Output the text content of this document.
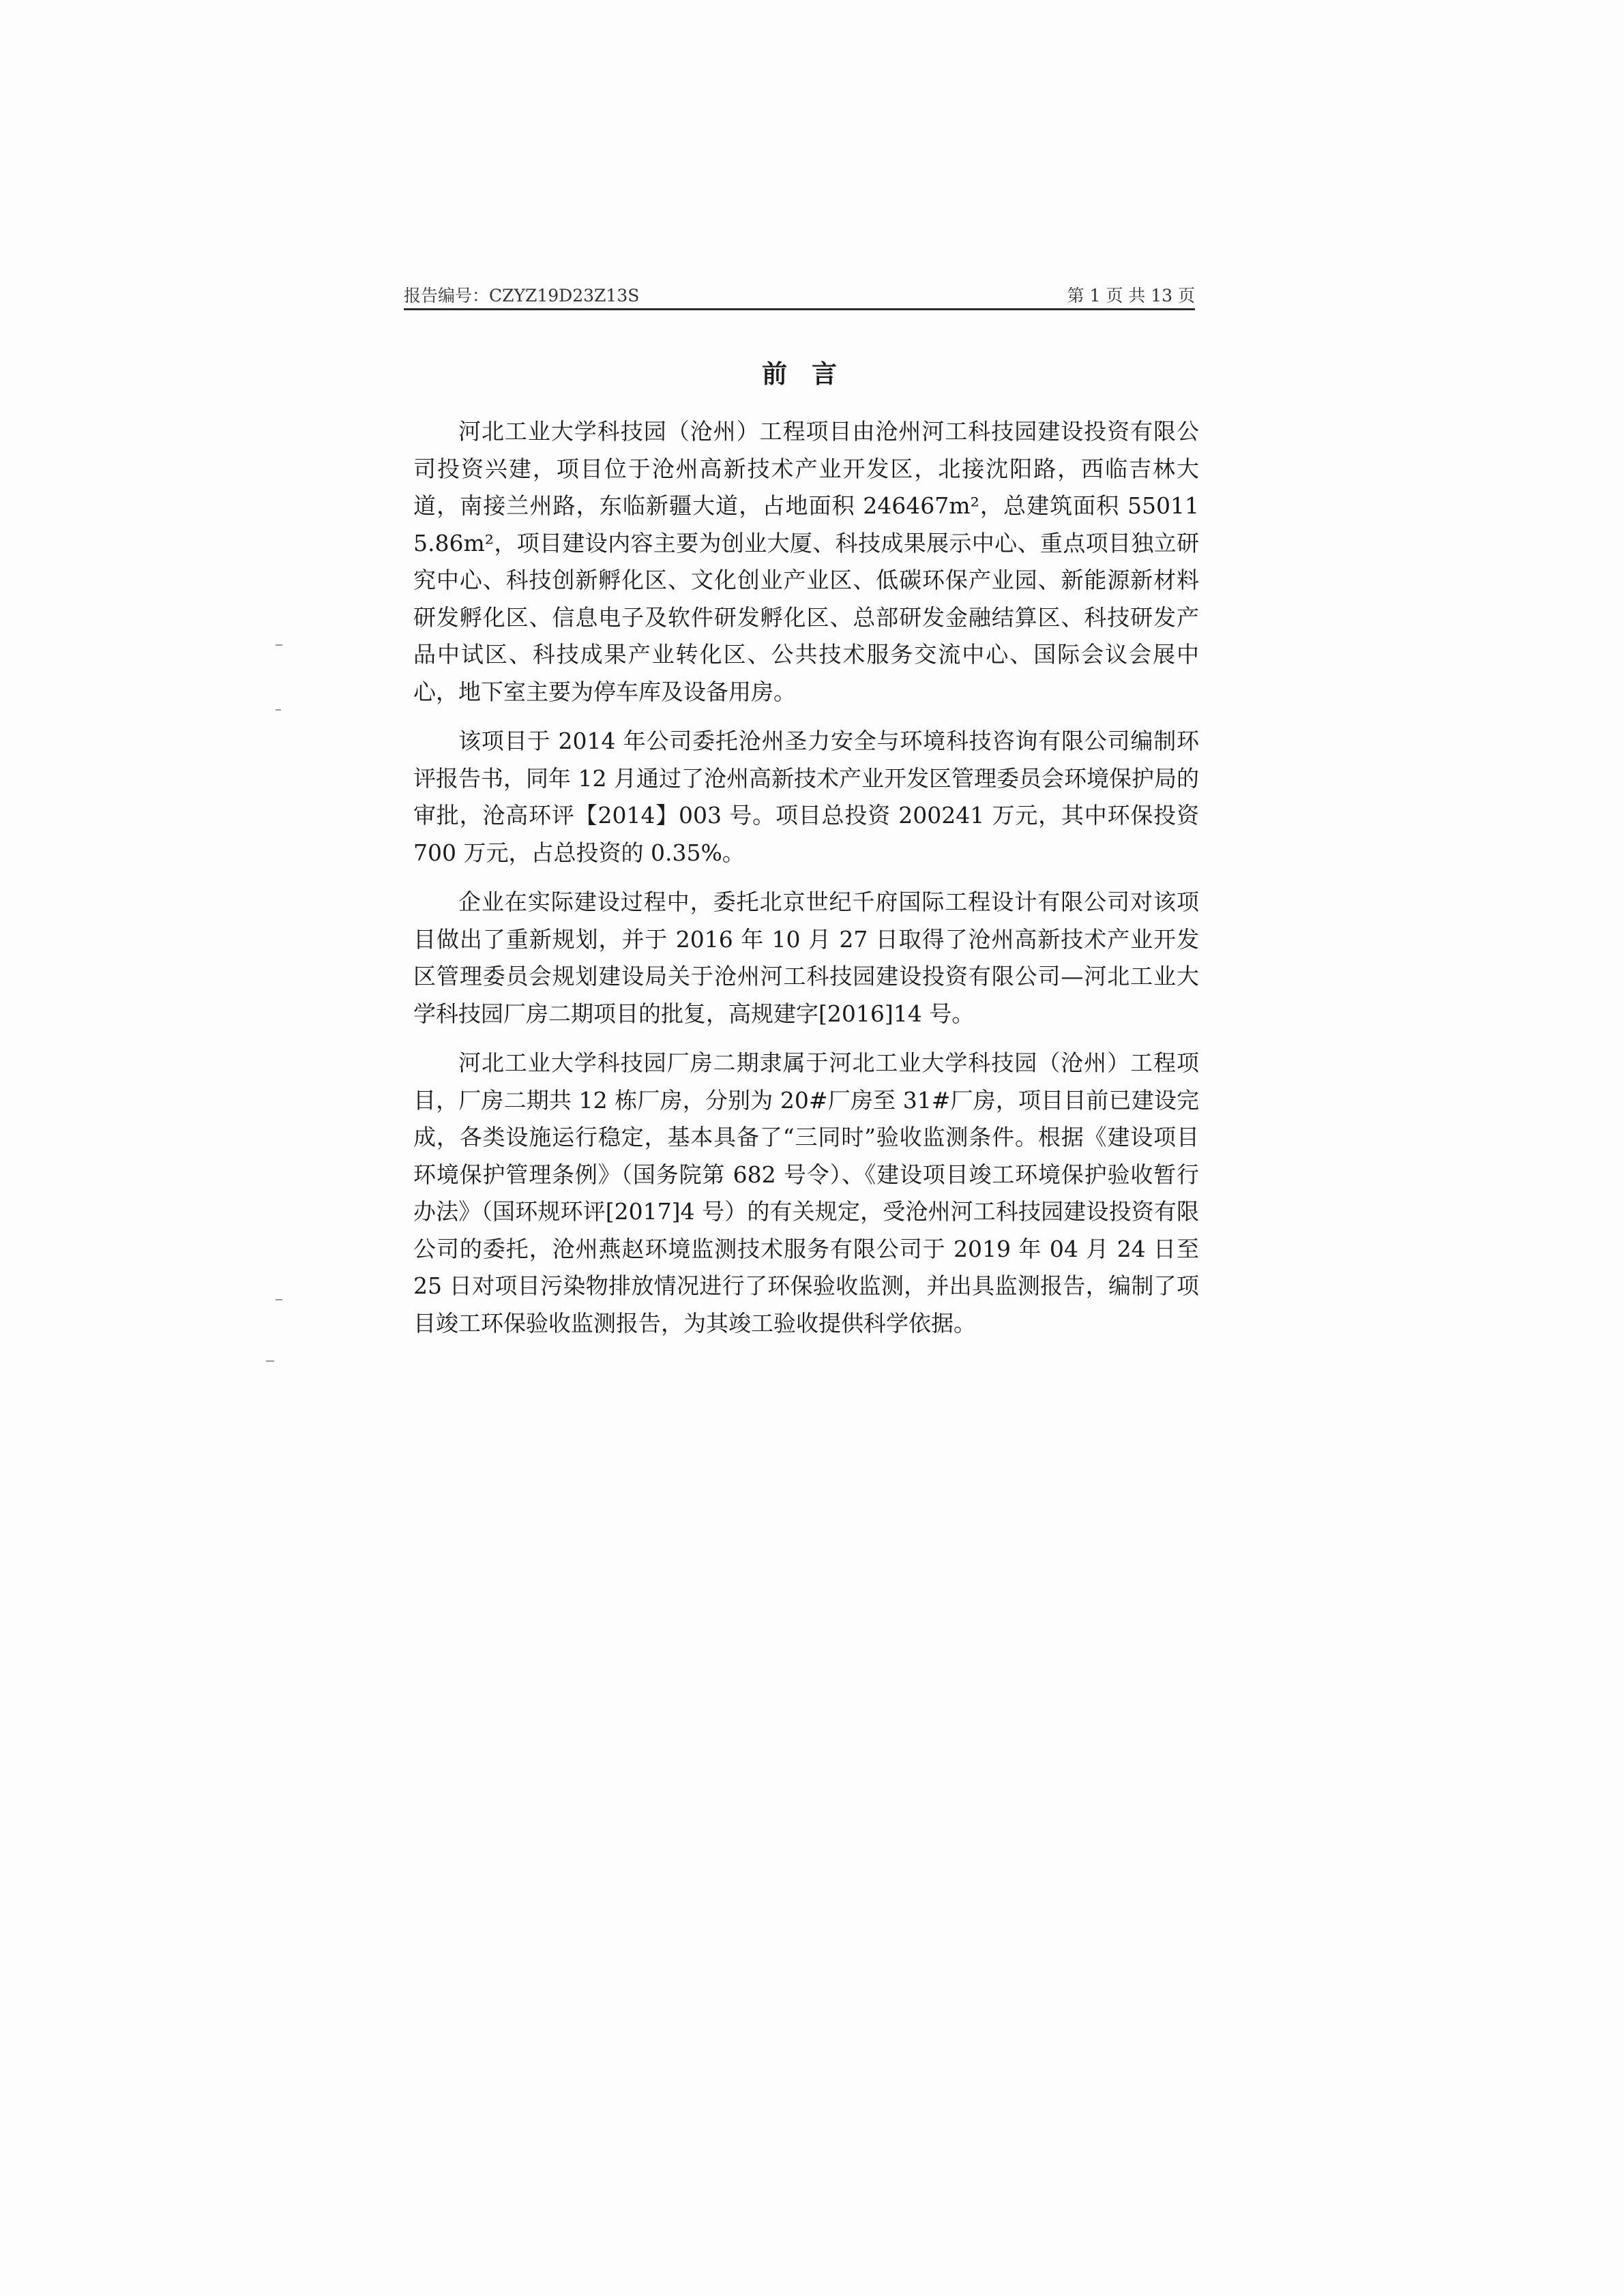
报告编号：CZYZ19D23Z13S	第 1 页 共 13 页
前言

河北工业大学科技园（沧州）工程项目由沧州河工科技园建设投资有限公司投资兴建，项目位于沧州高新技术产业开发区，北接沈阳路，西临吉林大道，南接兰州路，东临新疆大道，占地面积 246467m²，总建筑面积 550115.86m²，项目建设内容主要为创业大厦、科技成果展示中心、重点项目独立研究中心、科技创新孵化区、文化创业产业区、低碳环保产业园、新能源新材料研发孵化区、信息电子及软件研发孵化区、总部研发金融结算区、科技研发产品中试区、科技成果产业转化区、公共技术服务交流中心、国际会议会展中心，地下室主要为停车库及设备用房。

该项目于 2014 年公司委托沧州圣力安全与环境科技咨询有限公司编制环评报告书，同年 12 月通过了沧州高新技术产业开发区管理委员会环境保护局的审批，沧高环评【2014】003 号。项目总投资 200241 万元，其中环保投资 700 万元，占总投资的 0.35%。

企业在实际建设过程中，委托北京世纪千府国际工程设计有限公司对该项目做出了重新规划，并于 2016 年 10 月 27 日取得了沧州高新技术产业开发区管理委员会规划建设局关于沧州河工科技园建设投资有限公司—河北工业大学科技园厂房二期项目的批复，高规建字[2016]14 号。

河北工业大学科技园厂房二期隶属于河北工业大学科技园（沧州）工程项目，厂房二期共 12 栋厂房，分别为 20#厂房至 31#厂房，项目目前已建设完成，各类设施运行稳定，基本具备了“三同时”验收监测条件。根据《建设项目环境保护管理条例》（国务院第 682 号令）、《建设项目竣工环境保护验收暂行办法》（国环规环评[2017]4 号）的有关规定，受沧州河工科技园建设投资有限公司的委托，沧州燕赵环境监测技术服务有限公司于 2019 年 04 月 24 日至 25 日对项目污染物排放情况进行了环保验收监测，并出具监测报告，编制了项目竣工环保验收监测报告，为其竣工验收提供科学依据。
